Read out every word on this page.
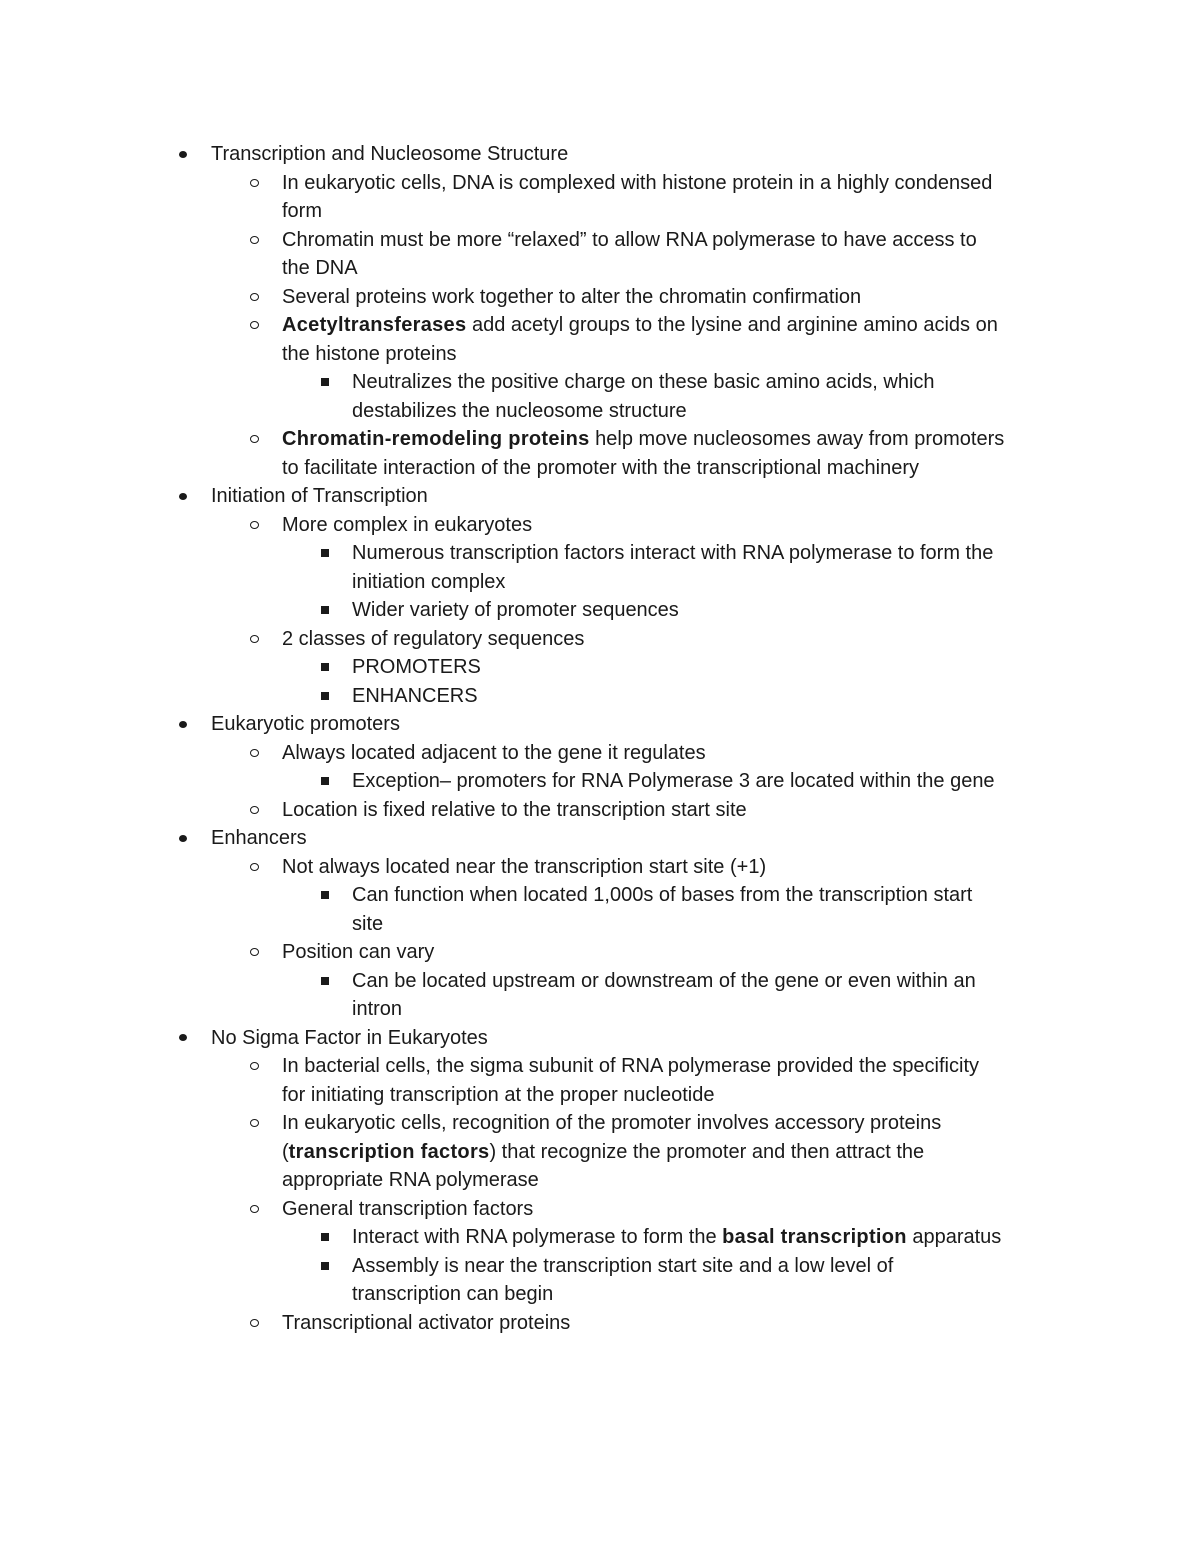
Transcription and Nucleosome Structure
In eukaryotic cells, DNA is complexed with histone protein in a highly condensed
form
Chromatin must be more “relaxed” to allow RNA polymerase to have access to
the DNA
Several proteins work together to alter the chromatin confirmation
Acetyltransferases add acetyl groups to the lysine and arginine amino acids on
the histone proteins
Neutralizes the positive charge on these basic amino acids, which
destabilizes the nucleosome structure
Chromatin-remodeling proteins help move nucleosomes away from promoters
to facilitate interaction of the promoter with the transcriptional machinery
Initiation of Transcription
More complex in eukaryotes
Numerous transcription factors interact with RNA polymerase to form the
initiation complex
Wider variety of promoter sequences
2 classes of regulatory sequences
PROMOTERS
ENHANCERS
Eukaryotic promoters
Always located adjacent to the gene it regulates
Exception– promoters for RNA Polymerase 3 are located within the gene
Location is fixed relative to the transcription start site
Enhancers
Not always located near the transcription start site (+1)
Can function when located 1,000s of bases from the transcription start
site
Position can vary
Can be located upstream or downstream of the gene or even within an
intron
No Sigma Factor in Eukaryotes
In bacterial cells, the sigma subunit of RNA polymerase provided the specificity
for initiating transcription at the proper nucleotide
In eukaryotic cells, recognition of the promoter involves accessory proteins
(transcription factors) that recognize the promoter and then attract the
appropriate RNA polymerase
General transcription factors
Interact with RNA polymerase to form the basal transcription apparatus
Assembly is near the transcription start site and a low level of
transcription can begin
Transcriptional activator proteins
